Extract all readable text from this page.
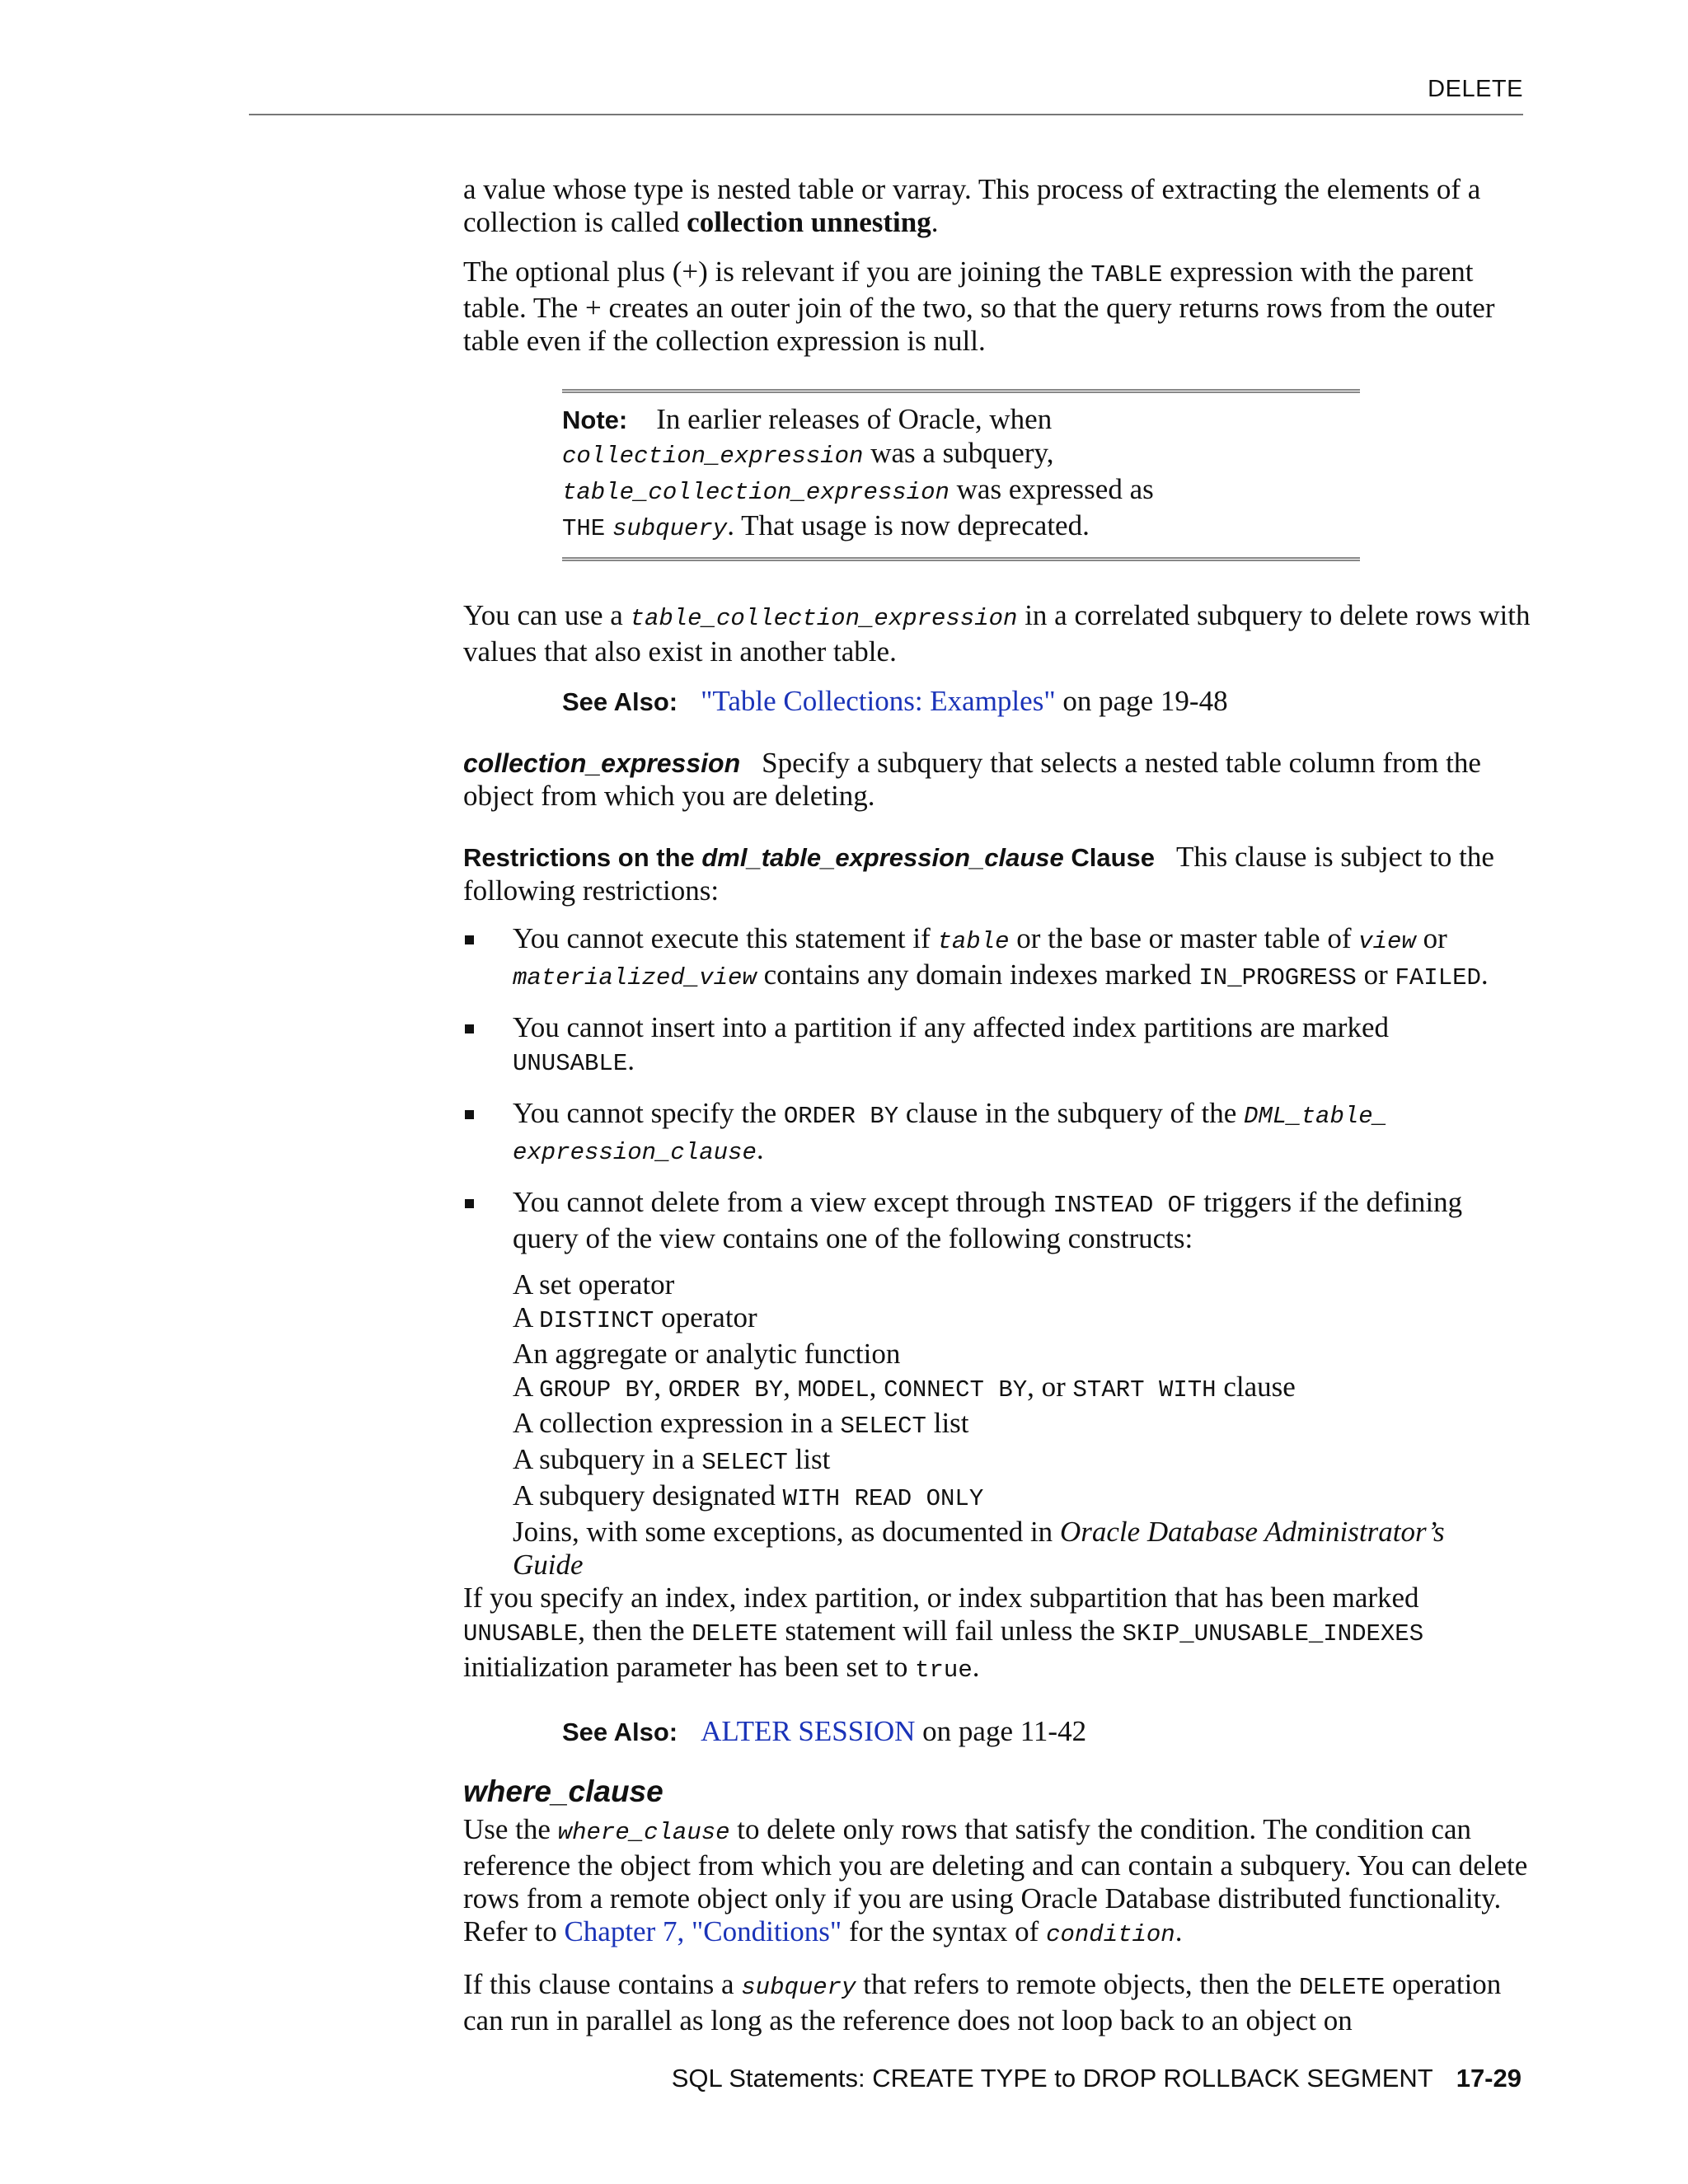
DELETE

a value whose type is nested table or varray. This process of extracting the elements of a collection is called collection unnesting.

The optional plus (+) is relevant if you are joining the TABLE expression with the parent table. The + creates an outer join of the two, so that the query returns rows from the outer table even if the collection expression is null.

Note: In earlier releases of Oracle, when collection_expression was a subquery, table_collection_expression was expressed as
THE subquery. That usage is now deprecated.

You can use a table_collection_expression in a correlated subquery to delete rows with values that also exist in another table.

See Also: "Table Collections: Examples" on page 19-48

collection_expression Specify a subquery that selects a nested table column from the object from which you are deleting.

Restrictions on the dml_table_expression_clause Clause This clause is subject to the following restrictions:

You cannot execute this statement if table or the base or master table of view or
materialized_view contains any domain indexes marked IN_PROGRESS or FAILED.
You cannot insert into a partition if any affected index partitions are marked
UNUSABLE.
You cannot specify the ORDER BY clause in the subquery of the DML_table_ expression_clause.
You cannot delete from a view except through INSTEAD OF triggers if the defining query of the view contains one of the following constructs:
A set operator
A DISTINCT operator
An aggregate or analytic function
A GROUP BY, ORDER BY, MODEL, CONNECT BY, or START WITH clause
A collection expression in a SELECT list
A subquery in a SELECT list
A subquery designated WITH READ ONLY
Joins, with some exceptions, as documented in Oracle Database Administrator’s Guide

If you specify an index, index partition, or index subpartition that has been marked UNUSABLE, then the DELETE statement will fail unless the SKIP_UNUSABLE_INDEXES initialization parameter has been set to true.

See Also: ALTER SESSION on page 11-42

where_clause

Use the where_clause to delete only rows that satisfy the condition. The condition can reference the object from which you are deleting and can contain a subquery. You can delete rows from a remote object only if you are using Oracle Database distributed functionality. Refer to Chapter 7, "Conditions" for the syntax of condition.

If this clause contains a subquery that refers to remote objects, then the DELETE operation can run in parallel as long as the reference does not loop back to an object on

SQL Statements: CREATE TYPE to DROP ROLLBACK SEGMENT 17-29
